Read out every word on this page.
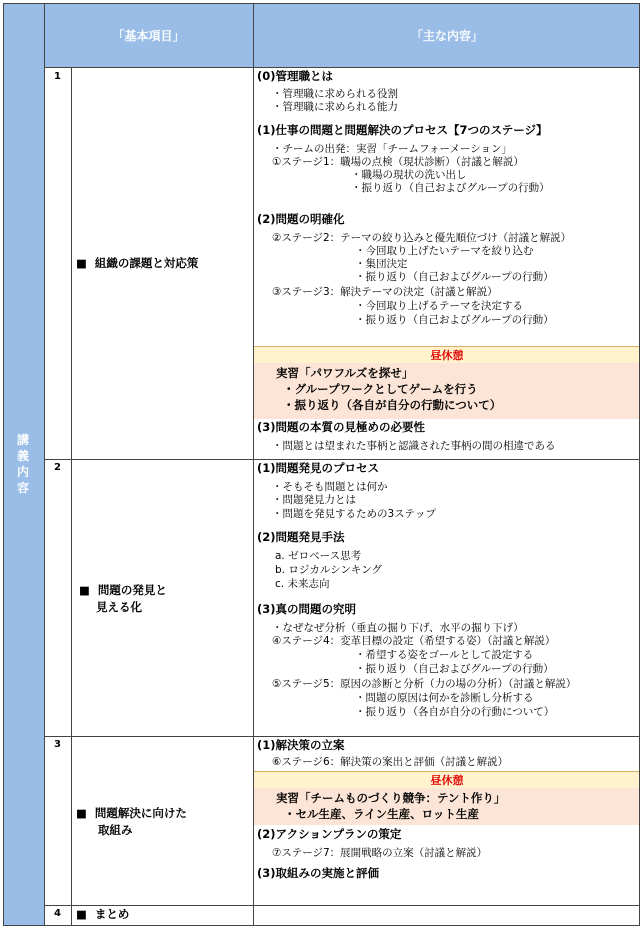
「基本項目」	「主な内容」
講
義
内
容
昼休憩
昼休憩
1
2
3
4
■ 組織の課題と対応策
■ 問題の発見と
見える化
■ 問題解決に向けた
取組み
■ まとめ
(0)管理職とは
・管理職に求められる役割
・管理職に求められる能力
(1)仕事の問題と問題解決のプロセス【7つのステージ】
・チームの出発：実習「チームフォーメーション」
①ステージ1：職場の点検（現状診断）（討議と解説）
・職場の現状の洗い出し
・振り返り（自己およびグループの行動）
(2)問題の明確化
②ステージ2：テーマの絞り込みと優先順位づけ（討議と解説）
・今回取り上げたいテーマを絞り込む
・集団決定
・振り返り（自己およびグループの行動）
③ステージ3：解決テーマの決定（討議と解説）
・今回取り上げるテーマを決定する
・振り返り（自己およびグループの行動）
実習「パワフルズを探せ」
・グループワークとしてゲームを行う
・振り返り（各自が自分の行動について）
(3)問題の本質の見極めの必要性
・問題とは望まれた事柄と認識された事柄の間の相違である
(1)問題発見のプロセス
・そもそも問題とは何か
・問題発見力とは
・問題を発見するための3ステップ
(2)問題発見手法
a. ゼロベース思考
b. ロジカルシンキング
c. 未来志向
(3)真の問題の究明
・なぜなぜ分析（垂直の掘り下げ、水平の掘り下げ）
④ステージ4：変革目標の設定（希望する姿）（討議と解説）
・希望する姿をゴールとして設定する
・振り返り（自己およびグループの行動）
⑤ステージ5：原因の診断と分析（力の場の分析）（討議と解説）
・問題の原因は何かを診断し分析する
・振り返り（各自が自分の行動について）
(1)解決策の立案
⑥ステージ6：解決策の案出と評価（討議と解説）
実習「チームものづくり競争：テント作り」
・セル生産、ライン生産、ロット生産
(2)アクションプランの策定
⑦ステージ7：展開戦略の立案（討議と解説）
(3)取組みの実施と評価
